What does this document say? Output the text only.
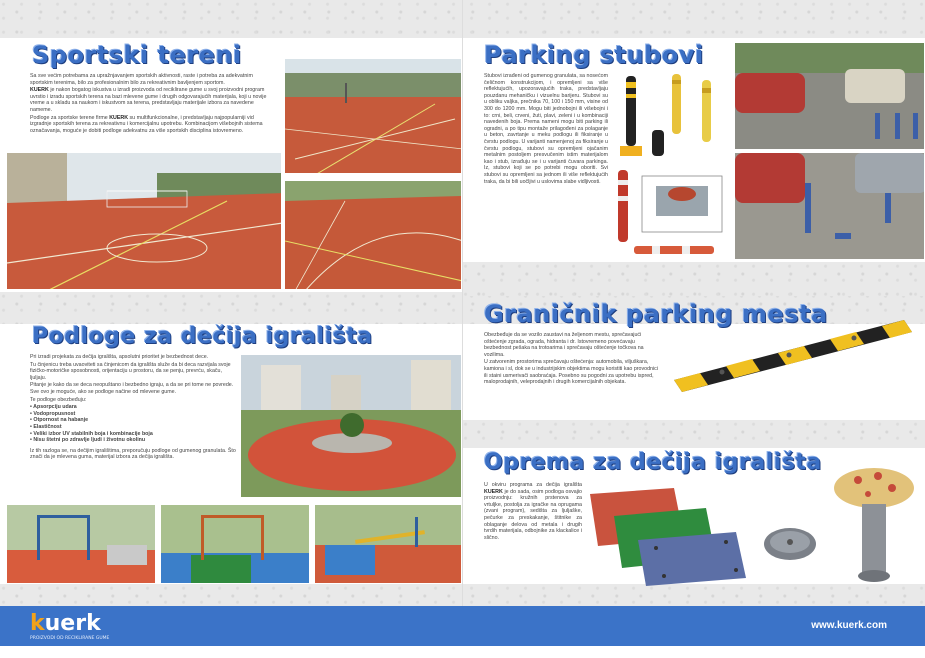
Sportski tereni

Sa sve većim potrebama za upražnjavanjem sportskih aktivnosti, raste i potreba za adekvatnim sportskim terenima, bilo za profesionalnim bilo za rekreativnim bavljenjem sportom.

KUERK je nakon bogatog iskustva u izradi proizvoda od reciklirane gume u svoj proizvodni program uvrstio i izradu sportskih terena na bazi mlevene gume i drugih odgovarajućih materijala, koji u novije vreme a u skladu sa naukom i iskustvom sa terena, predstavljaju materijale izbora za navedene nameme.

Podloge za sportske terene firme KUERK su multifunkcionalne, i predstavljaju najpopularniji vid izgradnje sportskih terena za rekreativnu i komercijalnu upotrebu. Kombinacijom višebojnih sistema označavanja, moguće je dobiti podloge adekvatnu za više sportskih disciplina istovremeno.

Parking stubovi
Stubovi izrađeni od gumenog granulata, sa nosećom čeličnom konstrukcijom, i opremljeni sa više reflektujućih, upozoravajućih traka, predstavljaju pouzdanu mehaničku i vizuelnu barijeru. Stubovi su u obliku valjka, prečnika 70, 100 i 150 mm, visine od 300 do 1200 mm. Mogu biti jednobojni ili višebojni i to: crni, beli, crveni, žuti, plavi, zeleni i u kombinaciji navedenih boja. Prema nameni mogu biti parking ili ogradni, a po tipu montaže prilagođeni za polaganje u beton, zavrtanje u meku podlogu ili fiksiranje u čvrstu podlogu. U varijanti namenjenoj za fiksiranje u čvrstu podlogu, stubovi su opremljeni ojačanim metalnim postoljem presvučenim istim materijalom kao i stub, izrađuju se i u varijanti čuvara parkinga. Iz, stubovi koji se po potrebi mogu oboriti. Svi stubovi su opremljeni sa jednom ili više reflektujućih traka, da bi bili uočljivi u uslovima slabe vidljivosti.
Podloge za dečija igrališta

Pri izradi projekata za dečija igrališta, apsolutni prioritet je bezbednost dece.

Tu činjenicu treba uvaoviteti sa činjenicom da igrališta služe da bi deca razvijala svoje fizičko-motoričke sposobnosti, orijentaciju u prostoru, da se penju, prevrću, skaču, ljuljaju.

Pitanje je kako da se deca neopuštano i bezbedno igraju, a da se pri tome ne povrede. Sve ovo je moguće, ako se podloge načine od mlevene gume.

Te podloge obezbeđuju:

• Apsorpciju udara
• Vodopropusnost
• Otpornost na habanje
• Elastičnost
• Veliki izbor UV stabilnih boja i kombinacije boja
• Nisu štetni po zdravlje ljudi i životnu okolinu

Iz tih razloga se, na dečijim igralištima, preporučuju podloge od gumenog granulata. Što znači da je mlevena guma, materijal izbora za dečija igrališta.

Graničnik parking mesta

Obezbeđuje da se vozilo zaustavi na željenom mestu, sprečavajući oštećenje zgrada, ograda, hidranta i dr. Istovremeno povećavaju bezbednost pešaka na trotoarima i sprečavaju oštećenje točkova na vozilima.

U zatvorenim prostorima sprečavaju oštećenja: automobila, viljuškara, kamiona i sl, dok se u industrijskim objektima mogu koristiti kao provodnici ili staini usmerivači saobraćaja. Posebno su pogodni za upotrebu ispred, maloprodajnih, veleprodajnih i drugih komercijalnih objekata.

Oprema za dečija igrališta
U okviru programa za dečija igrališta KUERK je do sada, osim podloga osvajio proizvodnju: kružnih prstenova za vrtuljke, postolja za igračke na oprugama (zvani program), sedišta za ljuljaške, pečurke za preskakanje, štitnike za oblaganje delova od metala i drugih tvrdih materijala, odbojnike za klackalice i slično.
kuerk
PROIZVODI OD RECIKLIRANE GUME
www.kuerk.com
